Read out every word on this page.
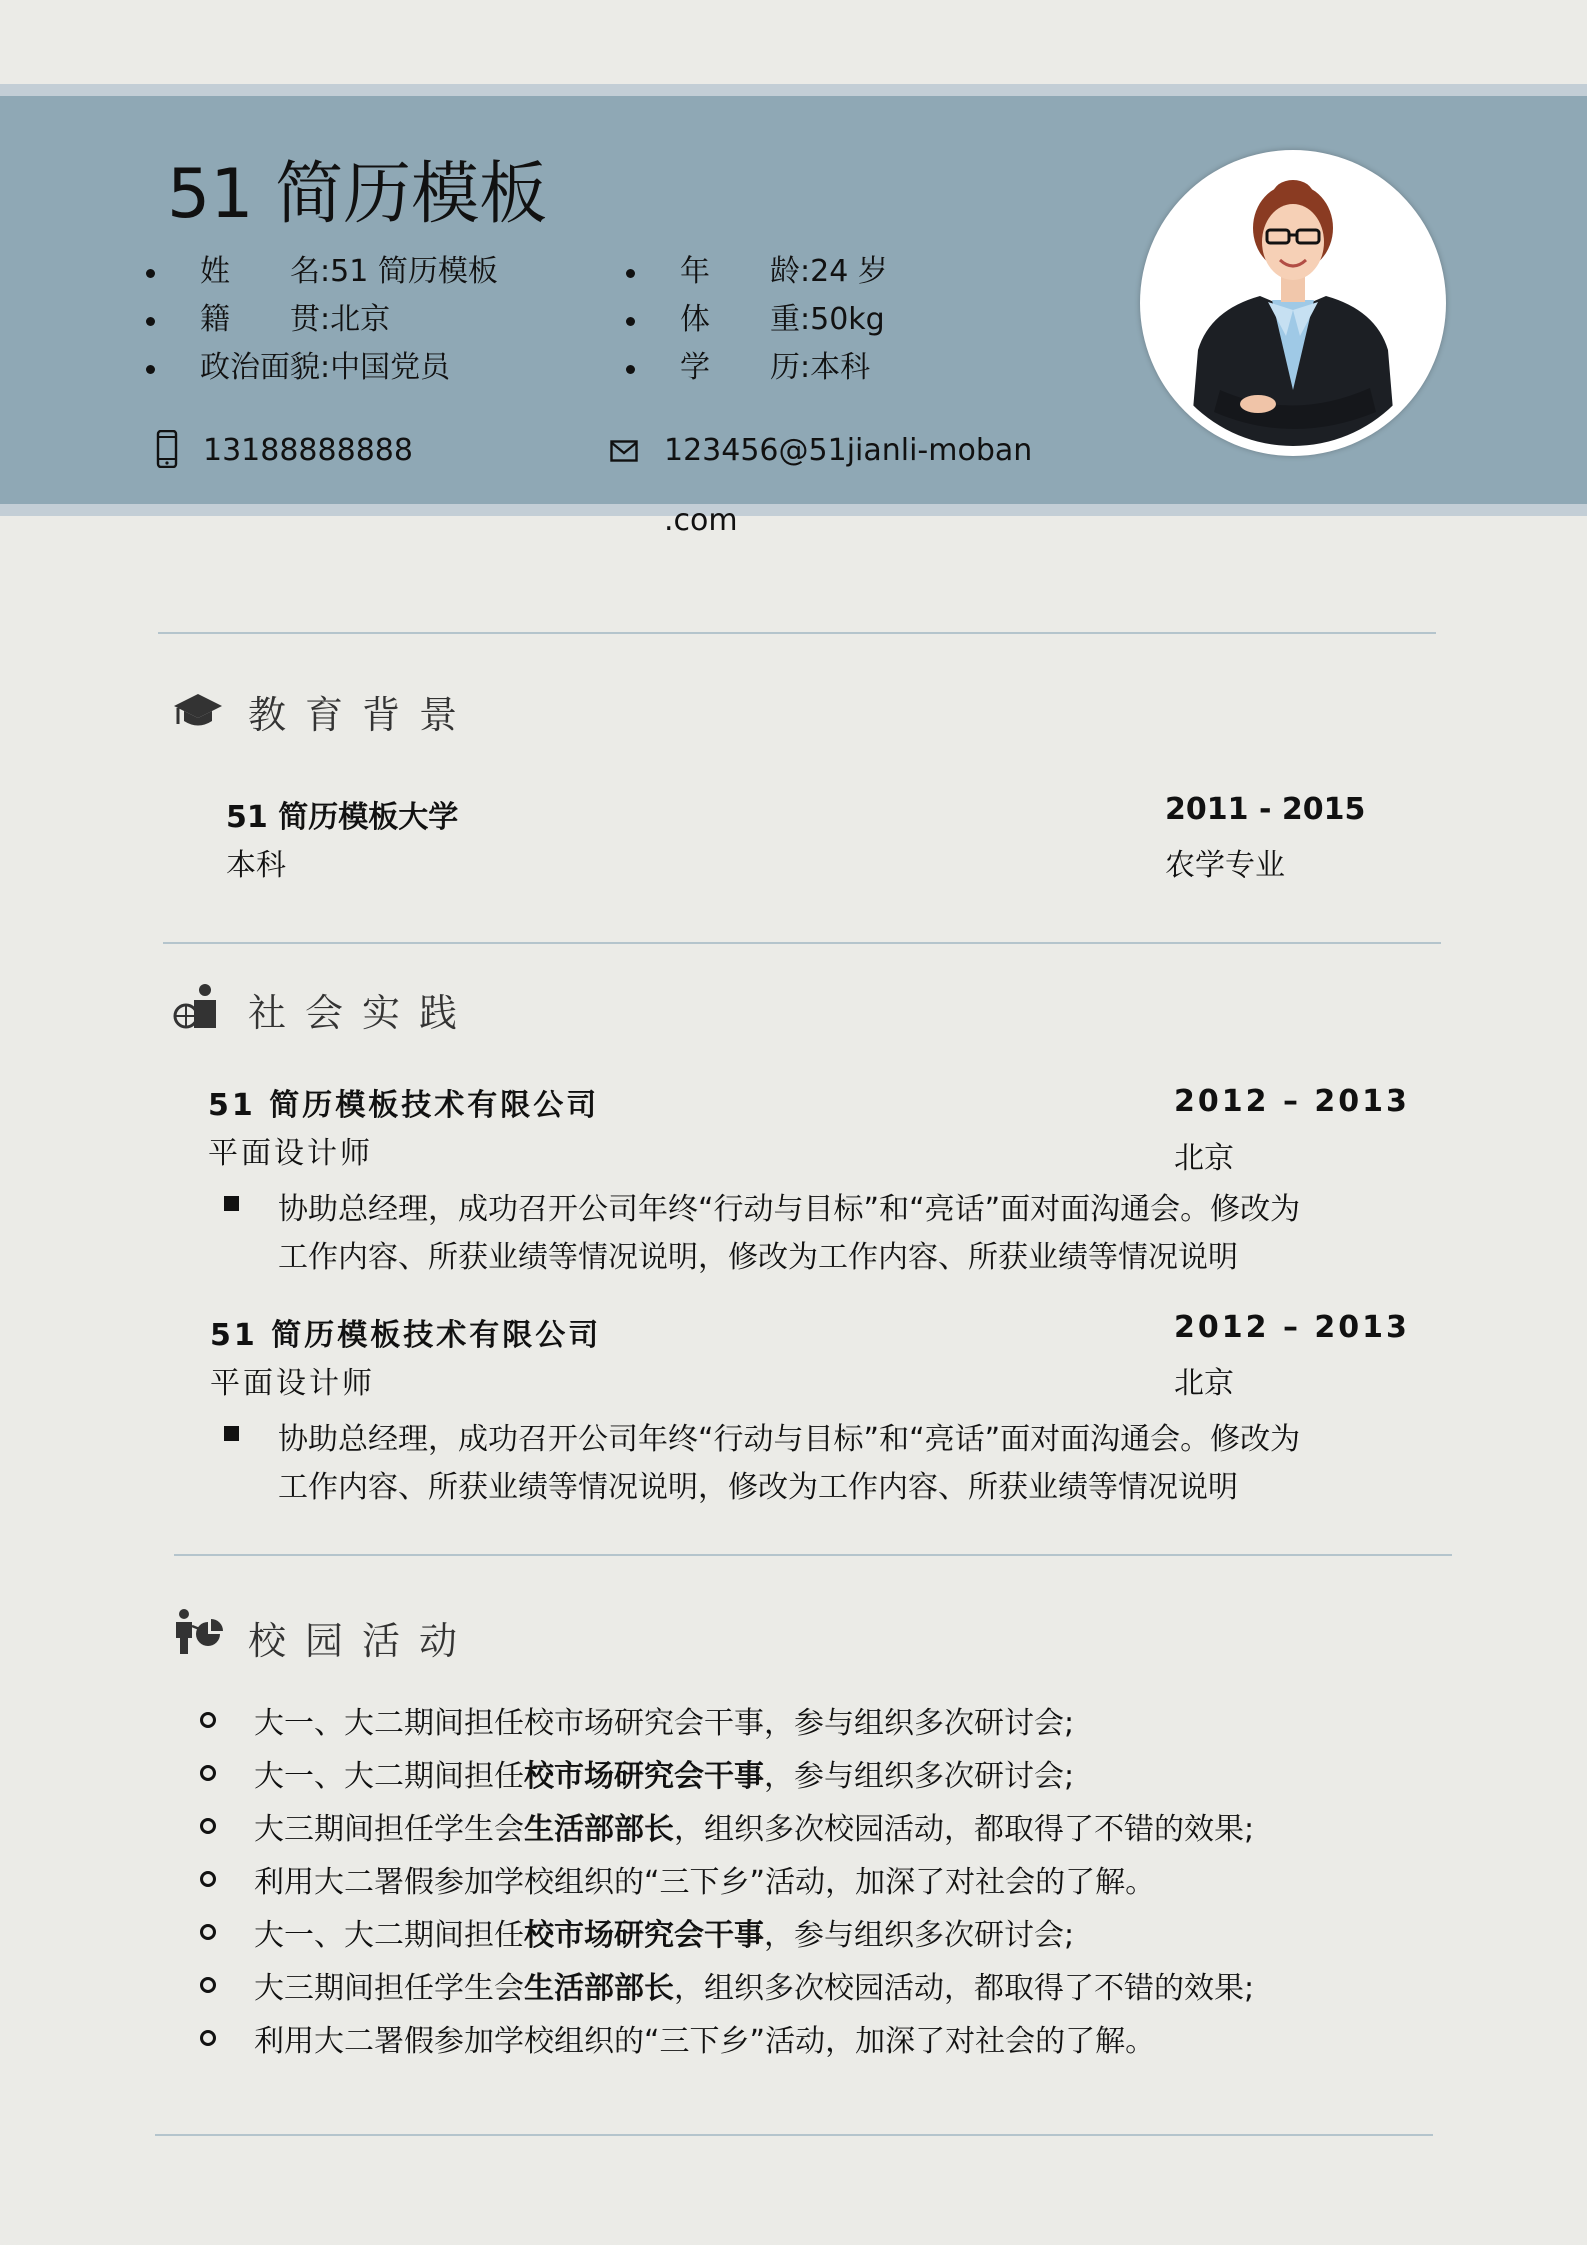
51 简历模板
姓　　名:51 简历模板
籍　　贯:北京
政治面貌:中国党员
年　　龄:24 岁
体　　重:50kg
学　　历:本科
13188888888	123456@51jianli-moban
.com
教育背景
51 简历模板大学
本科
2011 - 2015
农学专业
社会实践
51 简历模板技术有限公司
平面设计师
2012 – 2013
北京
协助总经理，成功召开公司年终“行动与目标”和“亮话”面对面沟通会。修改为
工作内容、所获业绩等情况说明，修改为工作内容、所获业绩等情况说明
51 简历模板技术有限公司
平面设计师
2012 – 2013
北京
协助总经理，成功召开公司年终“行动与目标”和“亮话”面对面沟通会。修改为
工作内容、所获业绩等情况说明，修改为工作内容、所获业绩等情况说明
校园活动
大一、大二期间担任校市场研究会干事，参与组织多次研讨会;
大一、大二期间担任校市场研究会干事，参与组织多次研讨会;
大三期间担任学生会生活部部长，组织多次校园活动，都取得了不错的效果;
利用大二署假参加学校组织的“三下乡”活动，加深了对社会的了解。
大一、大二期间担任校市场研究会干事，参与组织多次研讨会;
大三期间担任学生会生活部部长，组织多次校园活动，都取得了不错的效果;
利用大二署假参加学校组织的“三下乡”活动，加深了对社会的了解。
